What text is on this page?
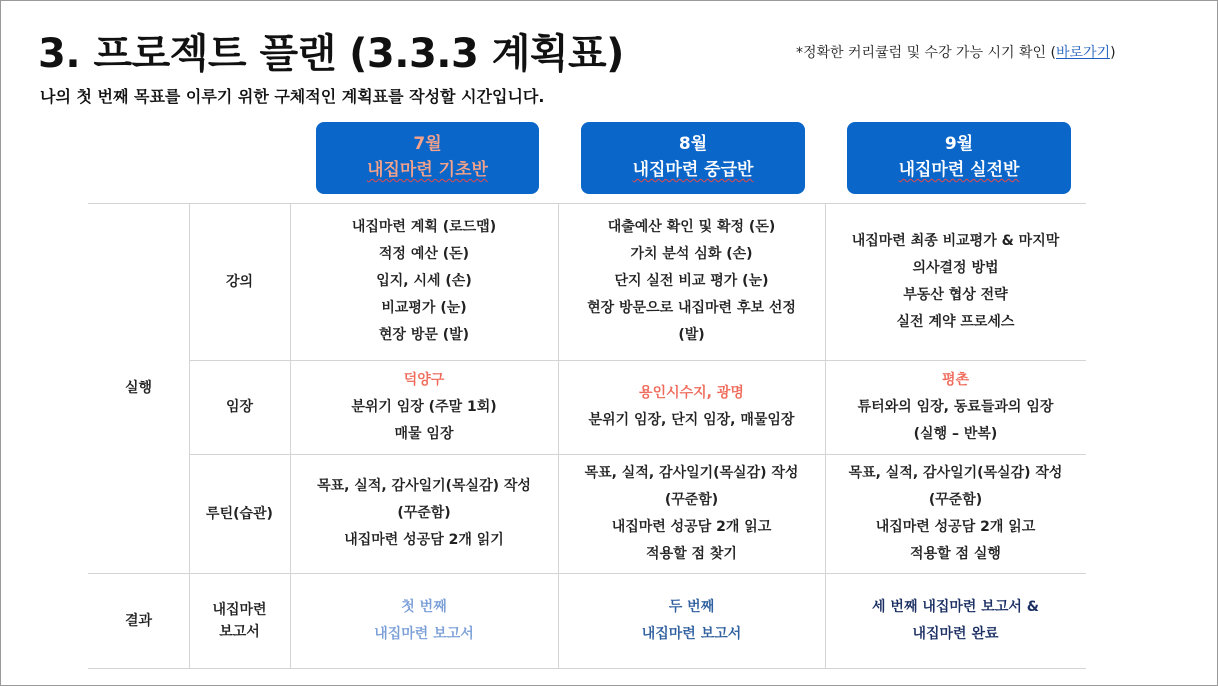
3. 프로젝트 플랜 (3.3.3 계획표)
나의 첫 번째 목표를 이루기 위한 구체적인 계획표를 작성할 시간입니다.
*정확한 커리큘럼 및 수강 가능 시기 확인 (바로가기)
7월
내집마련 기초반
8월
내집마련 중급반
9월
내집마련 실전반
실행
결과
강의
임장
루틴(습관)
내집마련
보고서
내집마련 계획 (로드맵)
적정 예산 (돈)
입지, 시세 (손)
비교평가 (눈)
현장 방문 (발)
대출예산 확인 및 확정 (돈)
가치 분석 심화 (손)
단지 실전 비교 평가 (눈)
현장 방문으로 내집마련 후보 선정
(발)
내집마련 최종 비교평가 & 마지막
의사결정 방법
부동산 협상 전략
실전 계약 프로세스
덕양구
분위기 임장 (주말 1회)
매물 임장
용인시수지, 광명
분위기 임장, 단지 임장, 매물임장
평촌
튜터와의 임장, 동료들과의 임장
(실행 – 반복)
목표, 실적, 감사일기(목실감) 작성
(꾸준함)
내집마련 성공담 2개 읽기
목표, 실적, 감사일기(목실감) 작성
(꾸준함)
내집마련 성공담 2개 읽고
적용할 점 찾기
목표, 실적, 감사일기(목실감) 작성
(꾸준함)
내집마련 성공담 2개 읽고
적용할 점 실행
첫 번째
내집마련 보고서
두 번째
내집마련 보고서
세 번째 내집마련 보고서 &
내집마련 완료
